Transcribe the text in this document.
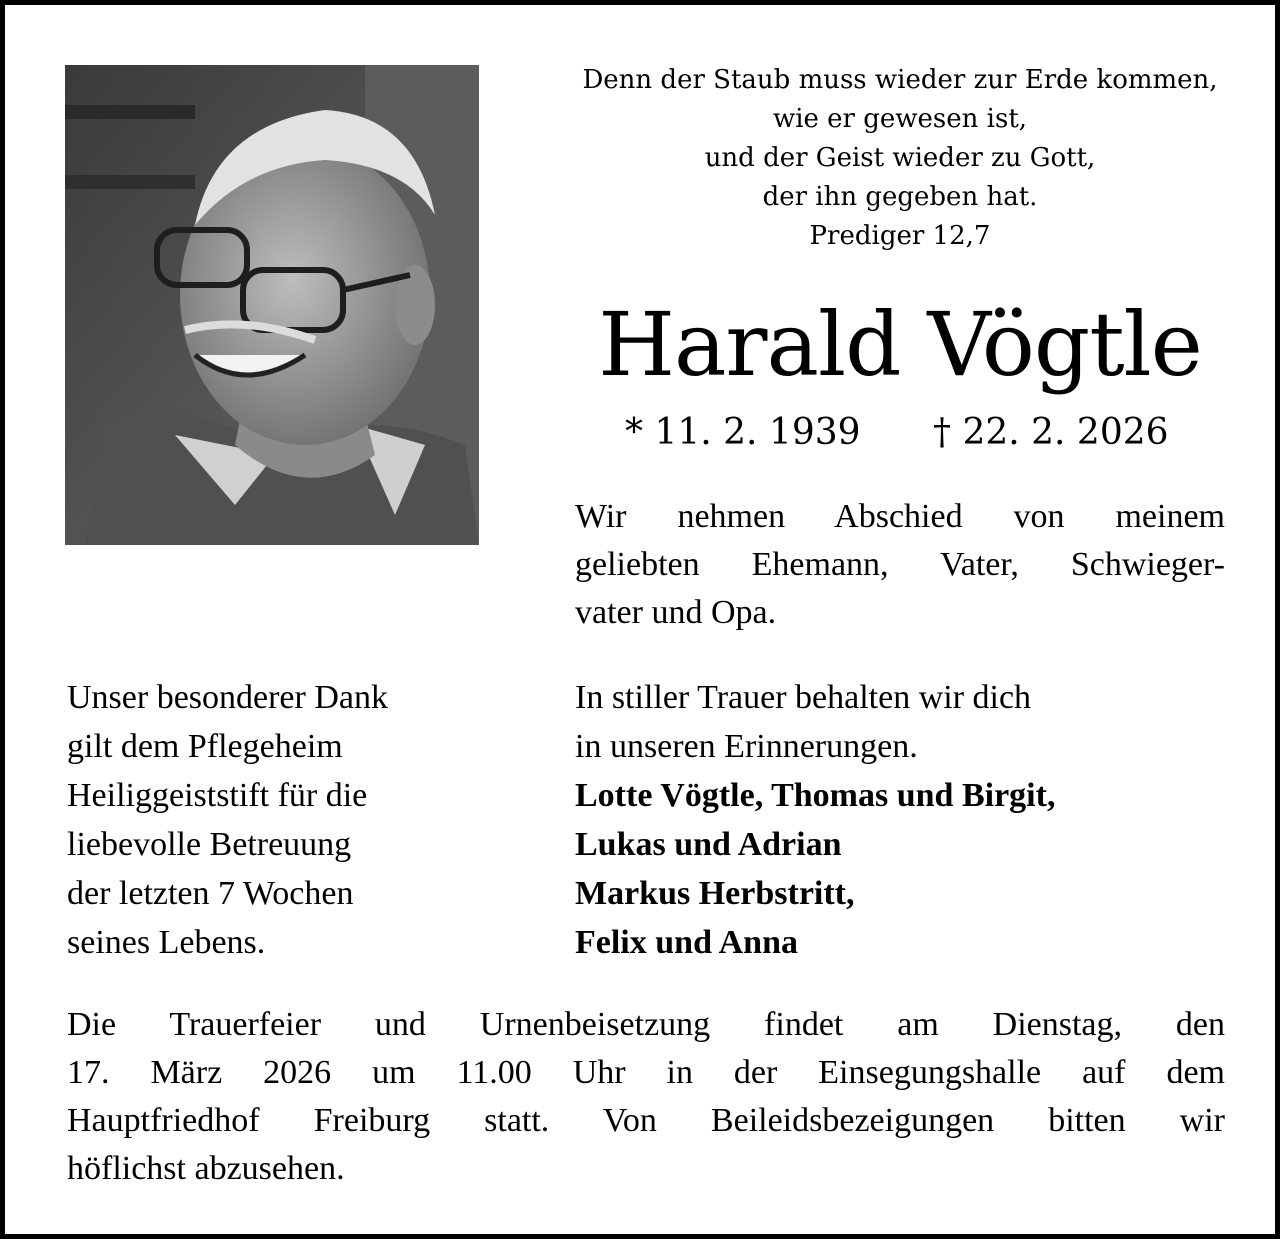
Denn der Staub muss wieder zur Erde kommen,
wie er gewesen ist,
und der Geist wieder zu Gott,
der ihn gegeben hat.
Prediger 12,7
Harald Vögtle
* 11. 2. 1939 † 22. 2. 2026
Wir nehmen Abschied von meinem
geliebten Ehemann, Vater, Schwieger-
vater und Opa.
Unser besonderer Dank
gilt dem Pflegeheim
Heiliggeiststift für die
liebevolle Betreuung
der letzten 7 Wochen
seines Lebens.
In stiller Trauer behalten wir dich
in unseren Erinnerungen.
Lotte Vögtle, Thomas und Birgit,
Lukas und Adrian
Markus Herbstritt,
Felix und Anna
Die Trauerfeier und Urnenbeisetzung findet am Dienstag, den
17. März 2026 um 11.00 Uhr in der Einsegungshalle auf dem
Hauptfriedhof Freiburg statt. Von Beileidsbezeigungen bitten wir
höflichst abzusehen.
